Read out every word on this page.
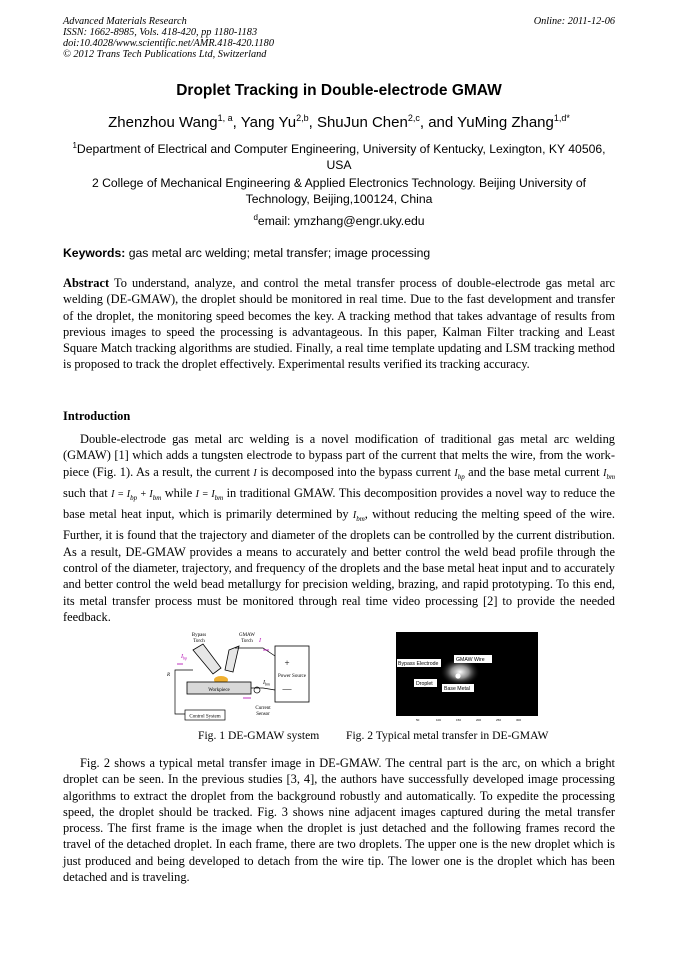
Advanced Materials Research
ISSN: 1662-8985, Vols. 418-420, pp 1180-1183
doi:10.4028/www.scientific.net/AMR.418-420.1180
© 2012 Trans Tech Publications Ltd, Switzerland
Online: 2011-12-06
Droplet Tracking in Double-electrode GMAW
Zhenzhou Wang$^{1, a}$, Yang Yu$^{2,b}$, ShuJun Chen$^{2,c}$, and YuMing Zhang$^{1,d*}$
$^1$Department of Electrical and Computer Engineering, University of Kentucky, Lexington, KY 40506, USA
2 College of Mechanical Engineering & Applied Electronics Technology. Beijing University of Technology, Beijing,100124, China
$^d$email: ymzhang@engr.uky.edu
Keywords: gas metal arc welding; metal transfer; image processing
Abstract To understand, analyze, and control the metal transfer process of double-electrode gas metal arc welding (DE-GMAW), the droplet should be monitored in real time. Due to the fast development and transfer of the droplet, the monitoring speed becomes the key. A tracking method that takes advantage of results from previous images to speed the processing is advantageous. In this paper, Kalman Filter tracking and Least Square Match tracking algorithms are studied. Finally, a real time template updating and LSM tracking method is proposed to track the droplet effectively. Experimental results verified its tracking accuracy.
Introduction
Double-electrode gas metal arc welding is a novel modification of traditional gas metal arc welding (GMAW) [1] which adds a tungsten electrode to bypass part of the current that melts the wire, from the work-piece (Fig. 1). As a result, the current I is decomposed into the bypass current $I_{bp}$ and the base metal current $I_{bm}$ such that $I = I_{bp} + I_{bm}$ while $I = I_{bm}$ in traditional GMAW. This decomposition provides a novel way to reduce the base metal heat input, which is primarily determined by $I_{bm}$, without reducing the melting speed of the wire. Further, it is found that the trajectory and diameter of the droplets can be controlled by the current distribution. As a result, DE-GMAW provides a means to accurately and better control the weld bead profile through the control of the diameter, trajectory, and frequency of the droplets and the base metal heat input and to accurately and better control the weld bead metallurgy for precision welding, brazing, and rapid prototyping. To this end, its metal transfer process must be monitored through real time video processing [2] to provide the needed feedback.
Bypass
Torch
GMAW
Torch
Workpiece
+
Power Source
—
Control System
Current
Sensor
R
$I_{bp}$
I
$I_{bm}$
50
100
150
200
250
300
50	100	150	200	250	300
Bypass Electrode
GMAW Wire
Droplet
Base Metal
Fig. 1 DE-GMAW system Fig. 2 Typical metal transfer in DE-GMAW
Fig. 2 shows a typical metal transfer image in DE-GMAW. The central part is the arc, on which a bright droplet can be seen. In the previous studies [3, 4], the authors have successfully developed image processing algorithms to extract the droplet from the background robustly and automatically. To expedite the processing speed, the droplet should be tracked. Fig. 3 shows nine adjacent images captured during the metal transfer process. The first frame is the image when the droplet is just detached and the following frames record the travel of the detached droplet. In each frame, there are two droplets. The upper one is the new droplet which is just produced and being developed to detach from the wire tip. The lower one is the droplet which has been detached and is traveling.
